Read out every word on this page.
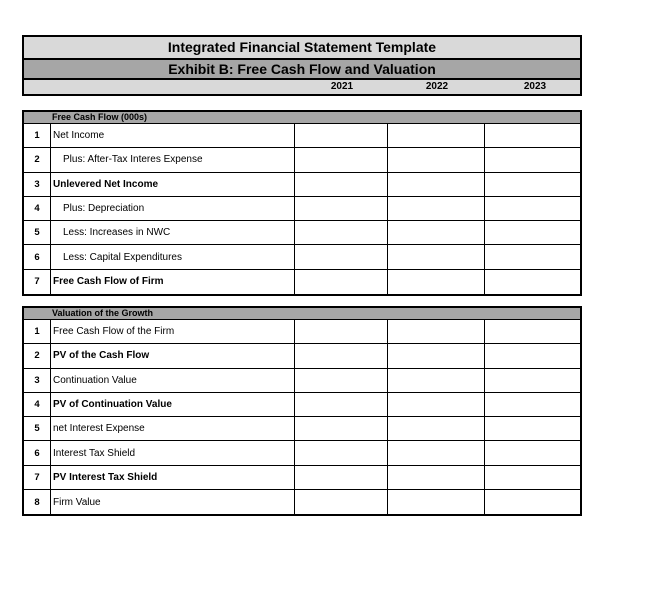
Integrated Financial Statement Template
Exhibit B: Free Cash Flow and Valuation
2021	2022	2023
Free Cash Flow (000s)
1	Net Income
2	Plus: After-Tax Interes Expense
3	Unlevered Net Income
4	Plus: Depreciation
5	Less: Increases in NWC
6	Less: Capital Expenditures
7	Free Cash Flow of Firm
Valuation of the Growth
1	Free Cash Flow of the Firm
2	PV of the Cash Flow
3	Continuation Value
4	PV of Continuation Value
5	net Interest Expense
6	Interest Tax Shield
7	PV Interest Tax Shield
8	Firm Value
